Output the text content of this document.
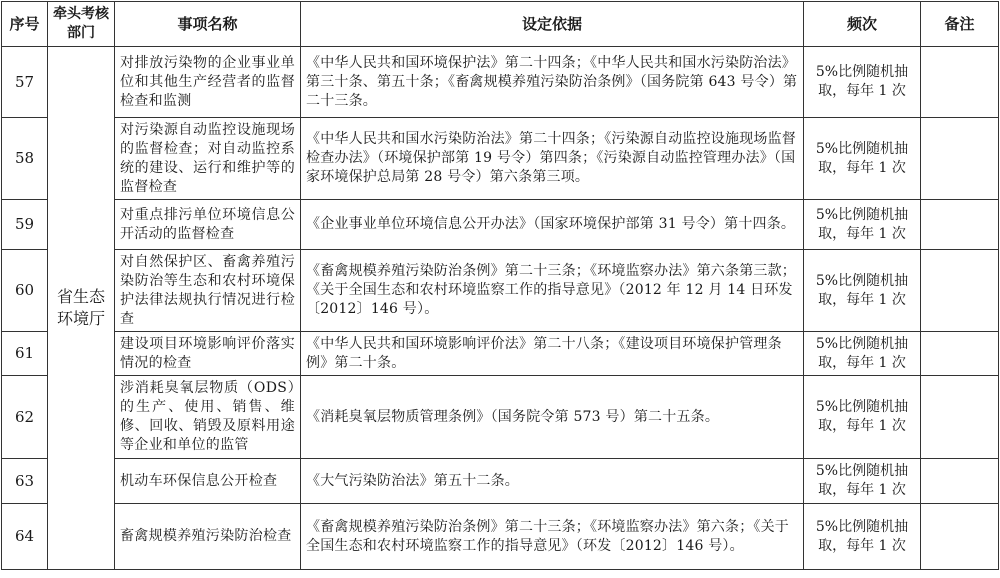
序号	牵头考核部门	事项名称	设定依据	频次	备注
57	省生态环境厅	对排放污染物的企业事业单位和其他生产经营者的监督检查和监测	《中华人民共和国环境保护法》第二十四条；《中华人民共和国水污染防治法》第三十条、第五十条；《畜禽规模养殖污染防治条例》（国务院第 643 号令）第二十三条。	5%比例随机抽取，每年 1 次	
58		对污染源自动监控设施现场的监督检查；对自动监控系统的建设、运行和维护等的监督检查	《中华人民共和国水污染防治法》第二十四条；《污染源自动监控设施现场监督检查办法》（环境保护部第 19 号令）第四条；《污染源自动监控管理办法》（国家环境保护总局第 28 号令）第六条第三项。	5%比例随机抽取，每年 1 次	
59		对重点排污单位环境信息公开活动的监督检查	《企业事业单位环境信息公开办法》（国家环境保护部第 31 号令）第十四条。	5%比例随机抽取，每年 1 次	
60		对自然保护区、畜禽养殖污染防治等生态和农村环境保护法律法规执行情况进行检查	《畜禽规模养殖污染防治条例》第二十三条；《环境监察办法》第六条第三款；《关于全国生态和农村环境监察工作的指导意见》（2012 年 12 月 14 日环发〔2012〕146 号）。	5%比例随机抽取，每年 1 次	
61		建设项目环境影响评价落实情况的检查	《中华人民共和国环境影响评价法》第二十八条；《建设项目环境保护管理条例》第二十条。	5%比例随机抽取，每年 1 次	
62		涉消耗臭氧层物质（ODS）的生产、使用、销售、维修、回收、销毁及原料用途等企业和单位的监管	《消耗臭氧层物质管理条例》（国务院令第 573 号）第二十五条。	5%比例随机抽取，每年 1 次	
63		机动车环保信息公开检查	《大气污染防治法》第五十二条。	5%比例随机抽取，每年 1 次	
64		畜禽规模养殖污染防治检查	《畜禽规模养殖污染防治条例》第二十三条；《环境监察办法》第六条；《关于全国生态和农村环境监察工作的指导意见》（环发〔2012〕146 号）。	5%比例随机抽取，每年 1 次	
